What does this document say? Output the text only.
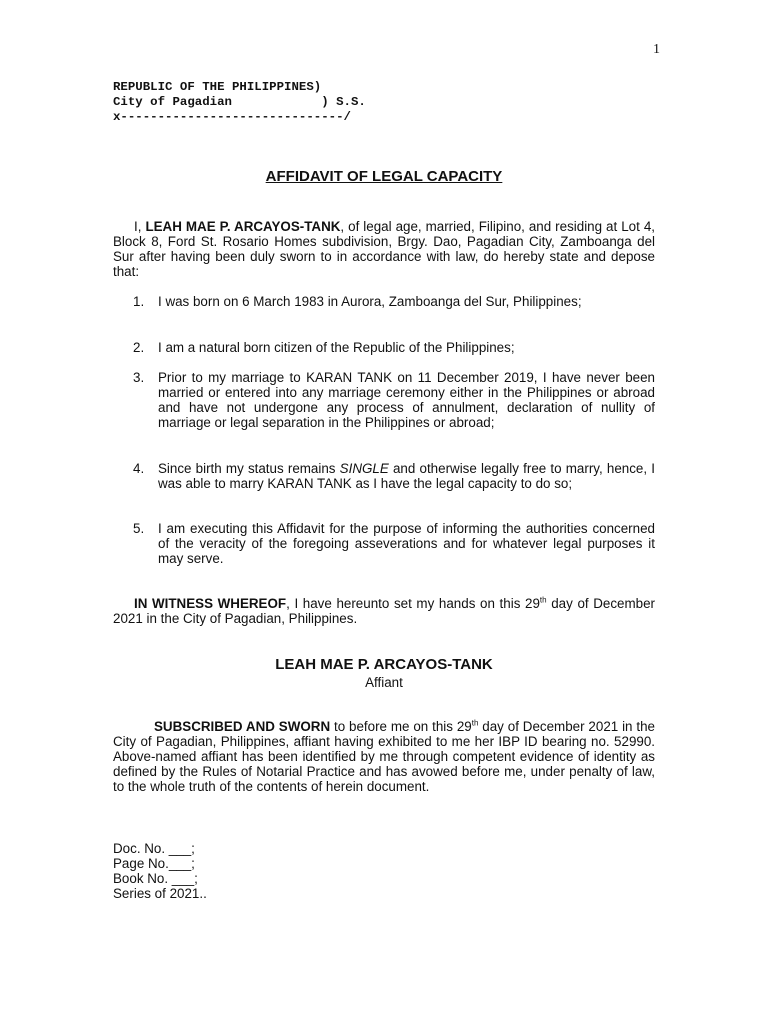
1
REPUBLIC OF THE PHILIPPINES)
City of Pagadian            ) S.S.
x------------------------------/
AFFIDAVIT OF LEGAL CAPACITY
I, LEAH MAE P. ARCAYOS-TANK, of legal age, married, Filipino, and residing at Lot 4, Block 8, Ford St. Rosario Homes subdivision, Brgy. Dao, Pagadian City, Zamboanga del Sur after having been duly sworn to in accordance with law, do hereby state and depose that:
1.	I was born on 6 March 1983 in Aurora, Zamboanga del Sur, Philippines;
2.	I am a natural born citizen of the Republic of the Philippines;
3.	Prior to my marriage to KARAN TANK on 11 December 2019, I have never been married or entered into any marriage ceremony either in the Philippines or abroad and have not undergone any process of annulment, declaration of nullity of marriage or legal separation in the Philippines or abroad;
4.	Since birth my status remains SINGLE and otherwise legally free to marry, hence, I was able to marry KARAN TANK as I have the legal capacity to do so;
5.	I am executing this Affidavit for the purpose of informing the authorities concerned of the veracity of the foregoing asseverations and for whatever legal purposes it may serve.
IN WITNESS WHEREOF, I have hereunto set my hands on this 29th day of December 2021 in the City of Pagadian, Philippines.
LEAH MAE P. ARCAYOS-TANK
Affiant
SUBSCRIBED AND SWORN to before me on this 29th day of December 2021 in the City of Pagadian, Philippines, affiant having exhibited to me her IBP ID bearing no. 52990. Above-named affiant has been identified by me through competent evidence of identity as defined by the Rules of Notarial Practice and has avowed before me, under penalty of law, to the whole truth of the contents of herein document.
Doc. No. ___;
Page No.___;
Book No. ___;
Series of 2021..
